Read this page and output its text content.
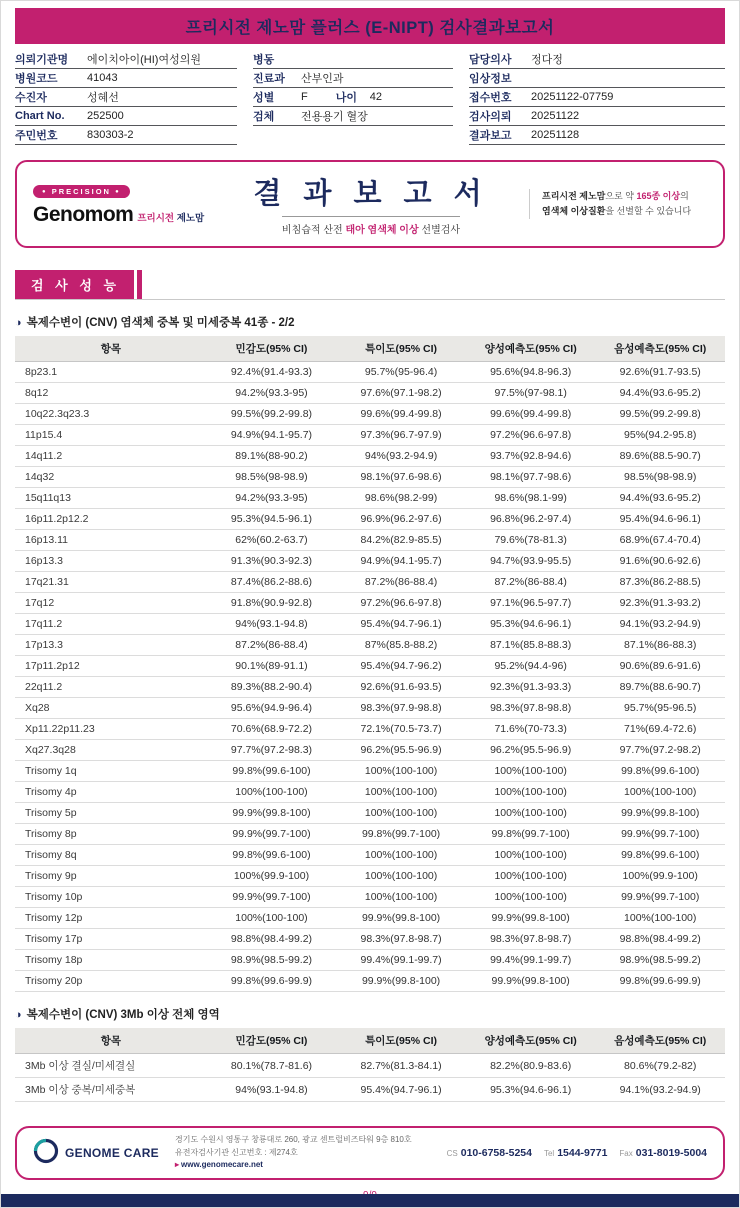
프리시전 제노맘 플러스 (E-NIPT) 검사결과보고서
의뢰기관명	에이치아이(HI)여성의원
병원코드	41043
수진자	성혜선
Chart No.	252500
주민번호	830303-2
병동
진료과	산부인과
성별	F	나이	42
검체	전용용기 혈장
담당의사	정다정
임상정보
접수번호	20251122-07759
검사의뢰	20251122
결과보고	20251128
● PRECISION ●
Genomom 프리시전 제노맘
결 과 보 고 서
비침습적 산전 태아 염색체 이상 선별검사
프리시전 제노맘으로 약 165종 이상의
염색체 이상질환을 선별할 수 있습니다
검 사 성 능
◑ 복제수변이 (CNV) 염색체 중복 및 미세중복 41종 - 2/2
항목	민감도(95% CI)	특이도(95% CI)	양성예측도(95% CI)	음성예측도(95% CI)
8p23.1	92.4%(91.4-93.3)	95.7%(95-96.4)	95.6%(94.8-96.3)	92.6%(91.7-93.5)
8q12	94.2%(93.3-95)	97.6%(97.1-98.2)	97.5%(97-98.1)	94.4%(93.6-95.2)
10q22.3q23.3	99.5%(99.2-99.8)	99.6%(99.4-99.8)	99.6%(99.4-99.8)	99.5%(99.2-99.8)
11p15.4	94.9%(94.1-95.7)	97.3%(96.7-97.9)	97.2%(96.6-97.8)	95%(94.2-95.8)
14q11.2	89.1%(88-90.2)	94%(93.2-94.9)	93.7%(92.8-94.6)	89.6%(88.5-90.7)
14q32	98.5%(98-98.9)	98.1%(97.6-98.6)	98.1%(97.7-98.6)	98.5%(98-98.9)
15q11q13	94.2%(93.3-95)	98.6%(98.2-99)	98.6%(98.1-99)	94.4%(93.6-95.2)
16p11.2p12.2	95.3%(94.5-96.1)	96.9%(96.2-97.6)	96.8%(96.2-97.4)	95.4%(94.6-96.1)
16p13.11	62%(60.2-63.7)	84.2%(82.9-85.5)	79.6%(78-81.3)	68.9%(67.4-70.4)
16p13.3	91.3%(90.3-92.3)	94.9%(94.1-95.7)	94.7%(93.9-95.5)	91.6%(90.6-92.6)
17q21.31	87.4%(86.2-88.6)	87.2%(86-88.4)	87.2%(86-88.4)	87.3%(86.2-88.5)
17q12	91.8%(90.9-92.8)	97.2%(96.6-97.8)	97.1%(96.5-97.7)	92.3%(91.3-93.2)
17q11.2	94%(93.1-94.8)	95.4%(94.7-96.1)	95.3%(94.6-96.1)	94.1%(93.2-94.9)
17p13.3	87.2%(86-88.4)	87%(85.8-88.2)	87.1%(85.8-88.3)	87.1%(86-88.3)
17p11.2p12	90.1%(89-91.1)	95.4%(94.7-96.2)	95.2%(94.4-96)	90.6%(89.6-91.6)
22q11.2	89.3%(88.2-90.4)	92.6%(91.6-93.5)	92.3%(91.3-93.3)	89.7%(88.6-90.7)
Xq28	95.6%(94.9-96.4)	98.3%(97.9-98.8)	98.3%(97.8-98.8)	95.7%(95-96.5)
Xp11.22p11.23	70.6%(68.9-72.2)	72.1%(70.5-73.7)	71.6%(70-73.3)	71%(69.4-72.6)
Xq27.3q28	97.7%(97.2-98.3)	96.2%(95.5-96.9)	96.2%(95.5-96.9)	97.7%(97.2-98.2)
Trisomy 1q	99.8%(99.6-100)	100%(100-100)	100%(100-100)	99.8%(99.6-100)
Trisomy 4p	100%(100-100)	100%(100-100)	100%(100-100)	100%(100-100)
Trisomy 5p	99.9%(99.8-100)	100%(100-100)	100%(100-100)	99.9%(99.8-100)
Trisomy 8p	99.9%(99.7-100)	99.8%(99.7-100)	99.8%(99.7-100)	99.9%(99.7-100)
Trisomy 8q	99.8%(99.6-100)	100%(100-100)	100%(100-100)	99.8%(99.6-100)
Trisomy 9p	100%(99.9-100)	100%(100-100)	100%(100-100)	100%(99.9-100)
Trisomy 10p	99.9%(99.7-100)	100%(100-100)	100%(100-100)	99.9%(99.7-100)
Trisomy 12p	100%(100-100)	99.9%(99.8-100)	99.9%(99.8-100)	100%(100-100)
Trisomy 17p	98.8%(98.4-99.2)	98.3%(97.8-98.7)	98.3%(97.8-98.7)	98.8%(98.4-99.2)
Trisomy 18p	98.9%(98.5-99.2)	99.4%(99.1-99.7)	99.4%(99.1-99.7)	98.9%(98.5-99.2)
Trisomy 20p	99.8%(99.6-99.9)	99.9%(99.8-100)	99.9%(99.8-100)	99.8%(99.6-99.9)
◑ 복제수변이 (CNV) 3Mb 이상 전체 영역
항목	민감도(95% CI)	특이도(95% CI)	양성예측도(95% CI)	음성예측도(95% CI)
3Mb 이상 결실/미세결실	80.1%(78.7-81.6)	82.7%(81.3-84.1)	82.2%(80.9-83.6)	80.6%(79.2-82)
3Mb 이상 중복/미세중복	94%(93.1-94.8)	95.4%(94.7-96.1)	95.3%(94.6-96.1)	94.1%(93.2-94.9)
GENOME CARE
경기도 수원시 영통구 창룡대로 260, 광교 센트럴비즈타워 9층 810호
유전자검사기관 신고번호 : 제274호
▸ www.genomecare.net
CS 010-6758-5254 Tel 1544-9771 Fax 031-8019-5004
